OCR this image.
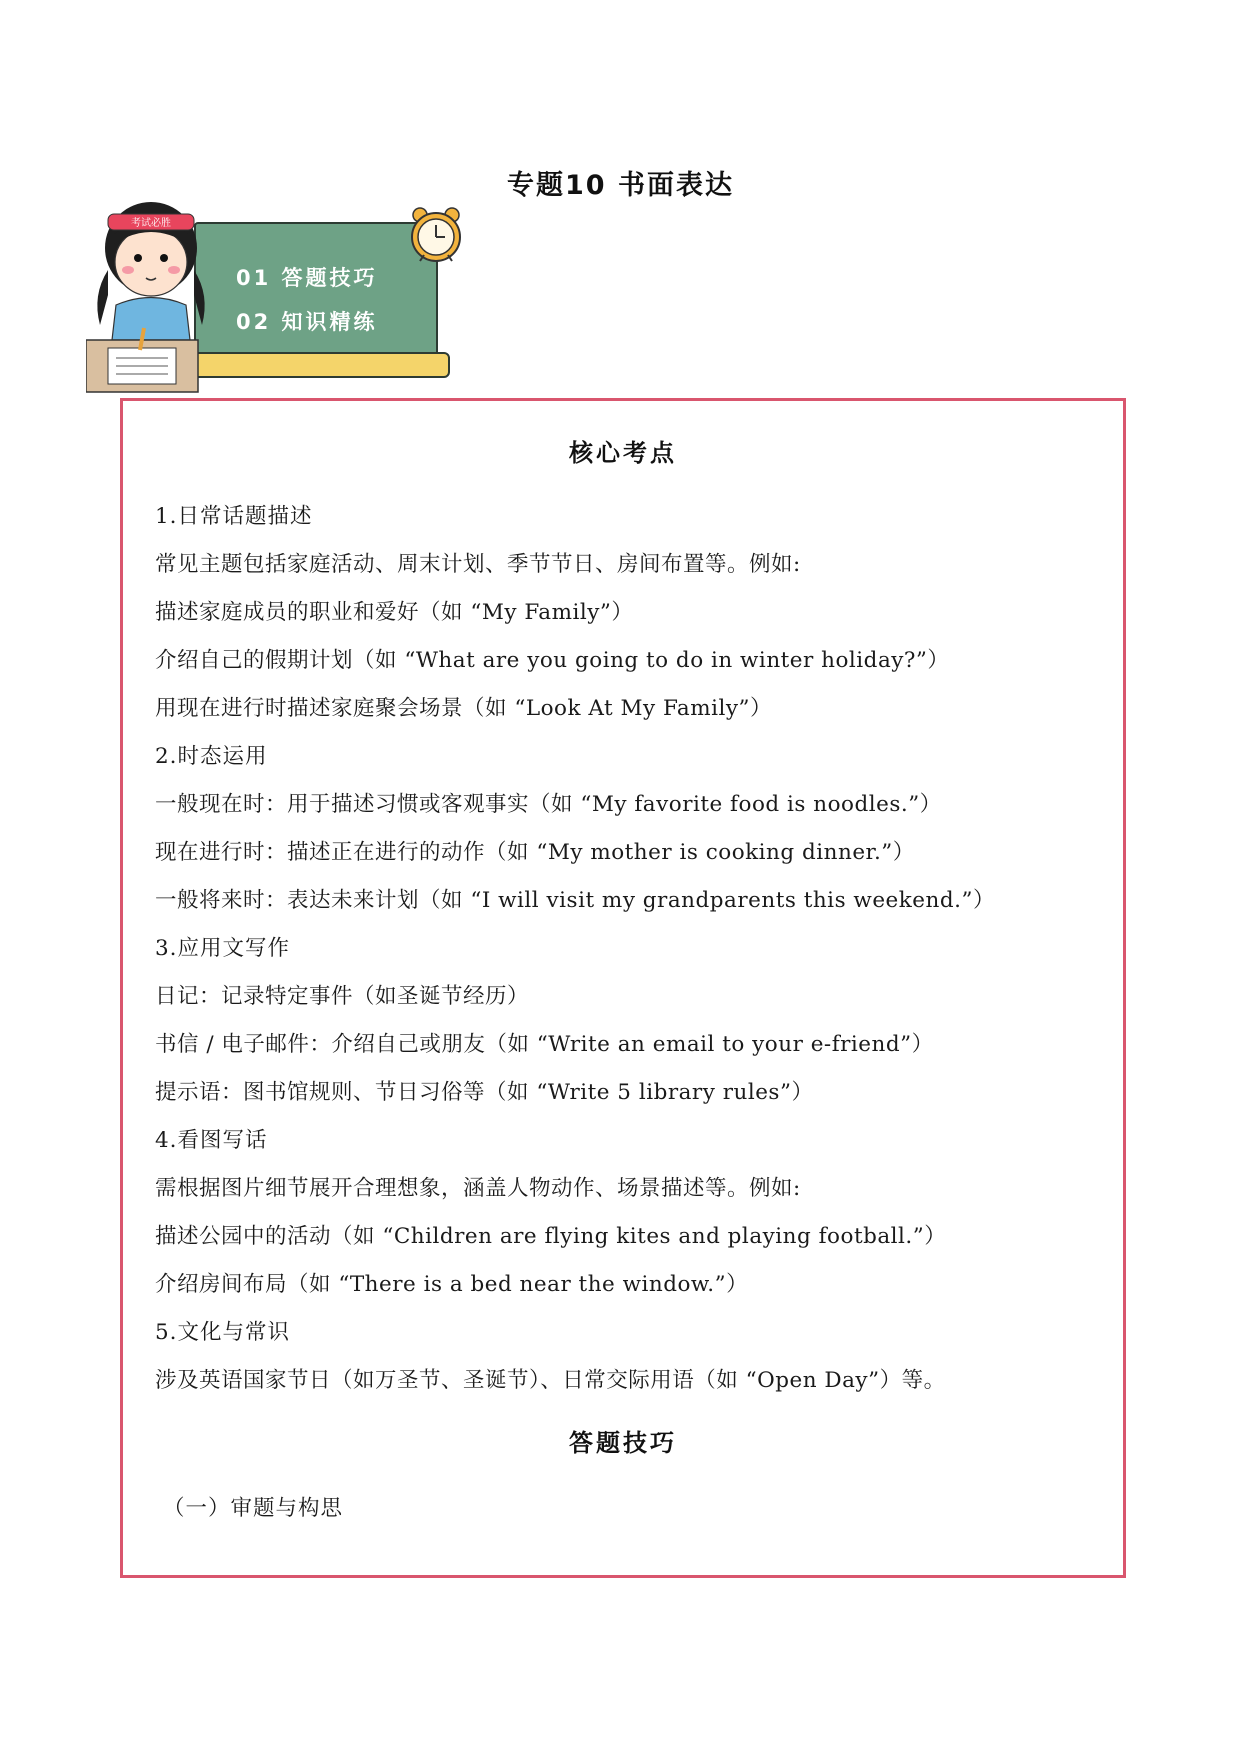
专题10 书面表达
01 答题技巧
02 知识精练
考试必胜
核心考点
1.日常话题描述
常见主题包括家庭活动、周末计划、季节节日、房间布置等。例如:
描述家庭成员的职业和爱好（如 “My Family”）
介绍自己的假期计划（如 “What are you going to do in winter holiday?”）
用现在进行时描述家庭聚会场景（如 “Look At My Family”）
2.时态运用
一般现在时：用于描述习惯或客观事实（如 “My favorite food is noodles.”）
现在进行时：描述正在进行的动作（如 “My mother is cooking dinner.”）
一般将来时：表达未来计划（如 “I will visit my grandparents this weekend.”）
3.应用文写作
日记：记录特定事件（如圣诞节经历）
书信 / 电子邮件：介绍自己或朋友（如 “Write an email to your e-friend”）
提示语：图书馆规则、节日习俗等（如 “Write 5 library rules”）
4.看图写话
需根据图片细节展开合理想象，涵盖人物动作、场景描述等。例如:
描述公园中的活动（如 “Children are flying kites and playing football.”）
介绍房间布局（如 “There is a bed near the window.”）
5.文化与常识
涉及英语国家节日（如万圣节、圣诞节）、日常交际用语（如 “Open Day”）等。
答题技巧
（一）审题与构思
